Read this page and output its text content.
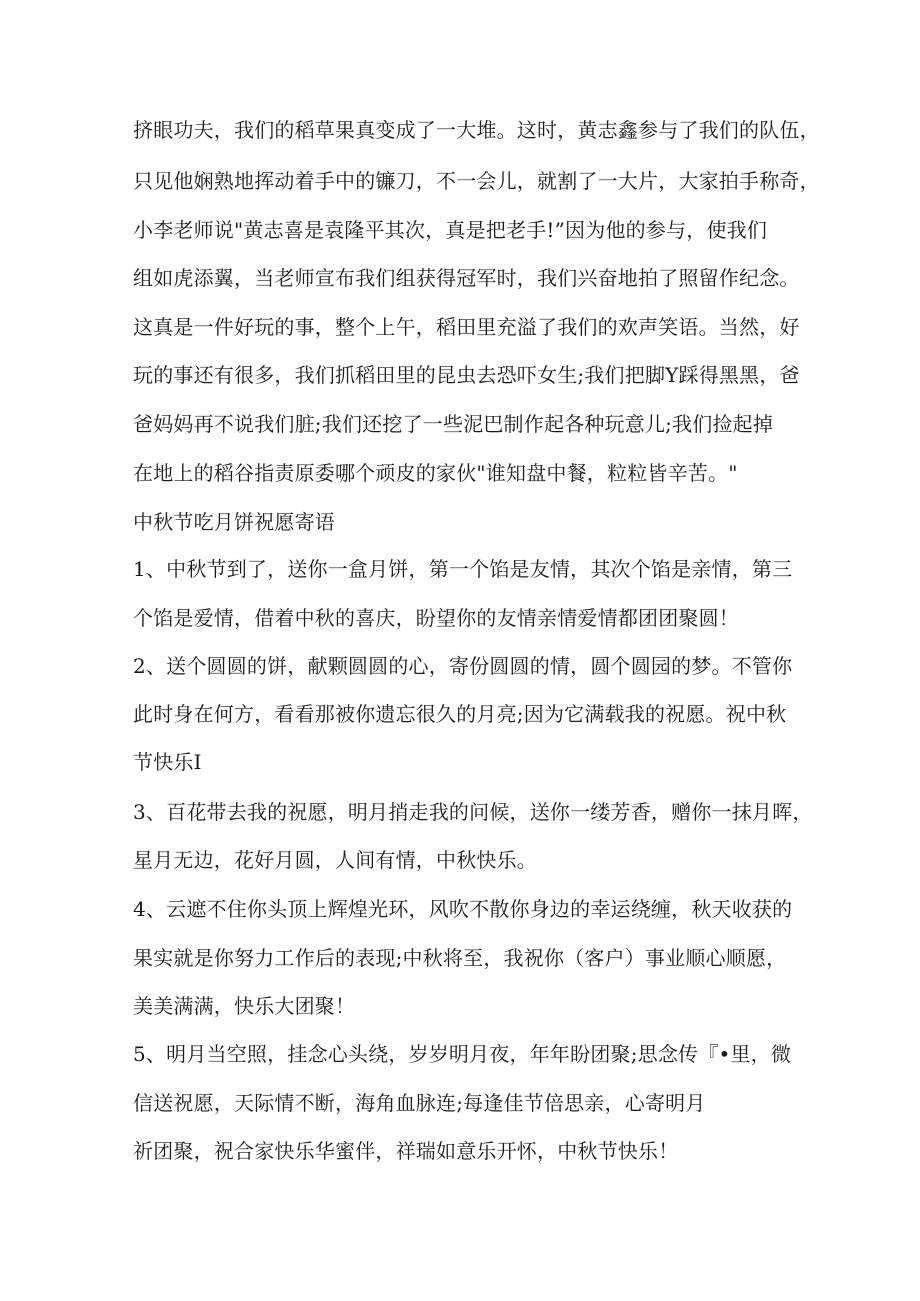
挤眼功夫，我们的稻草果真变成了一大堆。这时，黄志鑫参与了我们的队伍，
只见他娴熟地挥动着手中的镰刀，不一会儿，就割了一大片，大家拍手称奇，
小李老师说"黄志喜是袁隆平其次，真是把老手!”因为他的参与，使我们
组如虎添翼，当老师宣布我们组获得冠军时，我们兴奋地拍了照留作纪念。
这真是一件好玩的事，整个上午，稻田里充溢了我们的欢声笑语。当然，好
玩的事还有很多，我们抓稻田里的昆虫去恐吓女生;我们把脚Y踩得黑黑，爸
爸妈妈再不说我们脏;我们还挖了一些泥巴制作起各种玩意儿;我们捡起掉
在地上的稻谷指责原委哪个顽皮的家伙"谁知盘中餐，粒粒皆辛苦。"
中秋节吃月饼祝愿寄语
1、中秋节到了，送你一盒月饼，第一个馅是友情，其次个馅是亲情，第三
个馅是爱情，借着中秋的喜庆，盼望你的友情亲情爱情都团团聚圆！
2、送个圆圆的饼，献颗圆圆的心，寄份圆圆的情，圆个圆园的梦。不管你
此时身在何方，看看那被你遗忘很久的月亮;因为它满载我的祝愿。祝中秋
节快乐I
3、百花带去我的祝愿，明月捎走我的问候，送你一缕芳香，赠你一抹月晖，
星月无边，花好月圆，人间有情，中秋快乐。
4、云遮不住你头顶上辉煌光环，风吹不散你身边的幸运绕缠，秋天收获的
果实就是你努力工作后的表现;中秋将至，我祝你（客户）事业顺心顺愿，
美美满满，快乐大团聚！
5、明月当空照，挂念心头绕，岁岁明月夜，年年盼团聚;思念传『•里，微
信送祝愿，天际情不断，海角血脉连;每逢佳节倍思亲，心寄明月
祈团聚，祝合家快乐华蜜伴，祥瑞如意乐开怀，中秋节快乐！
